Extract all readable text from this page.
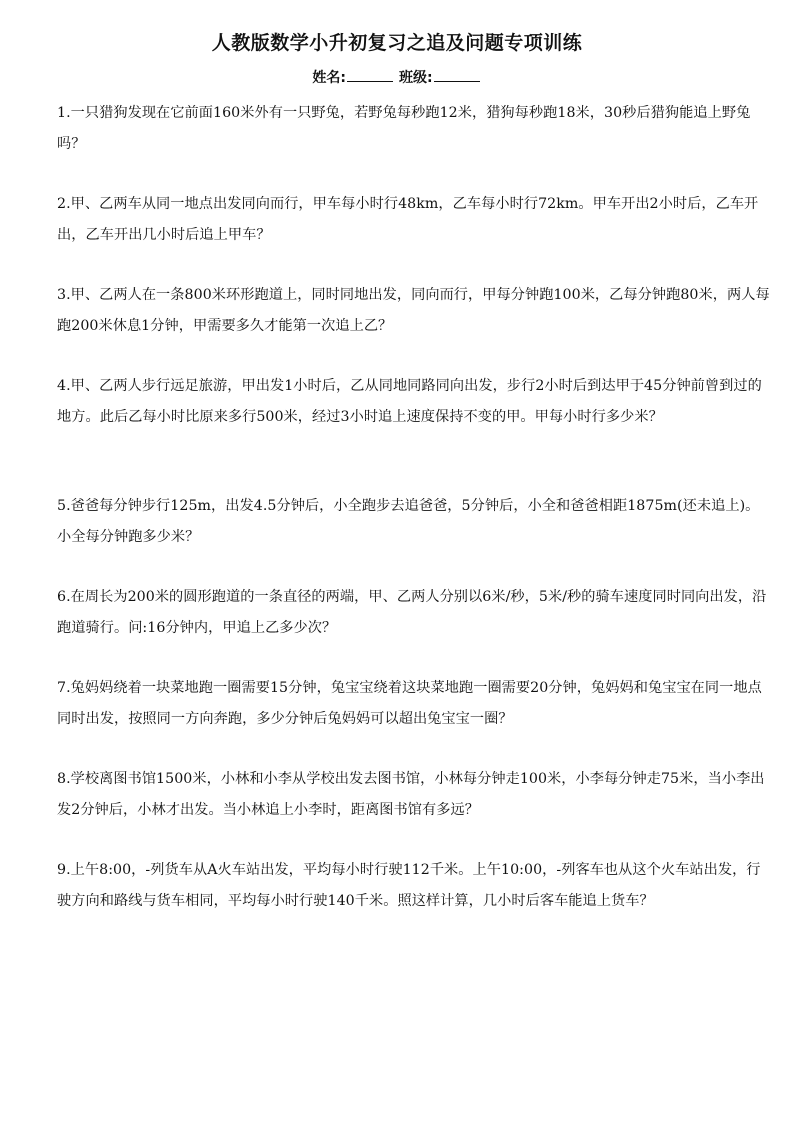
人教版数学小升初复习之追及问题专项训练
姓名:	班级:
1.一只猎狗发现在它前面160米外有一只野兔，若野兔每秒跑12米，猎狗每秒跑18米，30秒后猎狗能追上野兔吗？
2.甲、乙两车从同一地点出发同向而行，甲车每小时行48km，乙车每小时行72km。甲车开出2小时后，乙车开出，乙车开出几小时后追上甲车？
3.甲、乙两人在一条800米环形跑道上，同时同地出发，同向而行，甲每分钟跑100米，乙每分钟跑80米，两人每跑200米休息1分钟，甲需要多久才能第一次追上乙？
4.甲、乙两人步行远足旅游，甲出发1小时后，乙从同地同路同向出发，步行2小时后到达甲于45分钟前曾到过的地方。此后乙每小时比原来多行500米，经过3小时追上速度保持不变的甲。甲每小时行多少米？
5.爸爸每分钟步行125m，出发4.5分钟后，小全跑步去追爸爸，5分钟后，小全和爸爸相距1875m(还未追上)。小全每分钟跑多少米？
6.在周长为200米的圆形跑道的一条直径的两端，甲、乙两人分别以6米/秒，5米/秒的骑车速度同时同向出发，沿跑道骑行。问:16分钟内，甲追上乙多少次？
7.兔妈妈绕着一块菜地跑一圈需要15分钟，兔宝宝绕着这块菜地跑一圈需要20分钟，兔妈妈和兔宝宝在同一地点同时出发，按照同一方向奔跑，多少分钟后兔妈妈可以超出兔宝宝一圈？
8.学校离图书馆1500米，小林和小李从学校出发去图书馆，小林每分钟走100米，小李每分钟走75米，当小李出发2分钟后，小林才出发。当小林追上小李时，距离图书馆有多远？
9.上午8:00，-列货车从A火车站出发，平均每小时行驶112千米。上午10:00，-列客车也从这个火车站出发，行驶方向和路线与货车相同，平均每小时行驶140千米。照这样计算，几小时后客车能追上货车？
